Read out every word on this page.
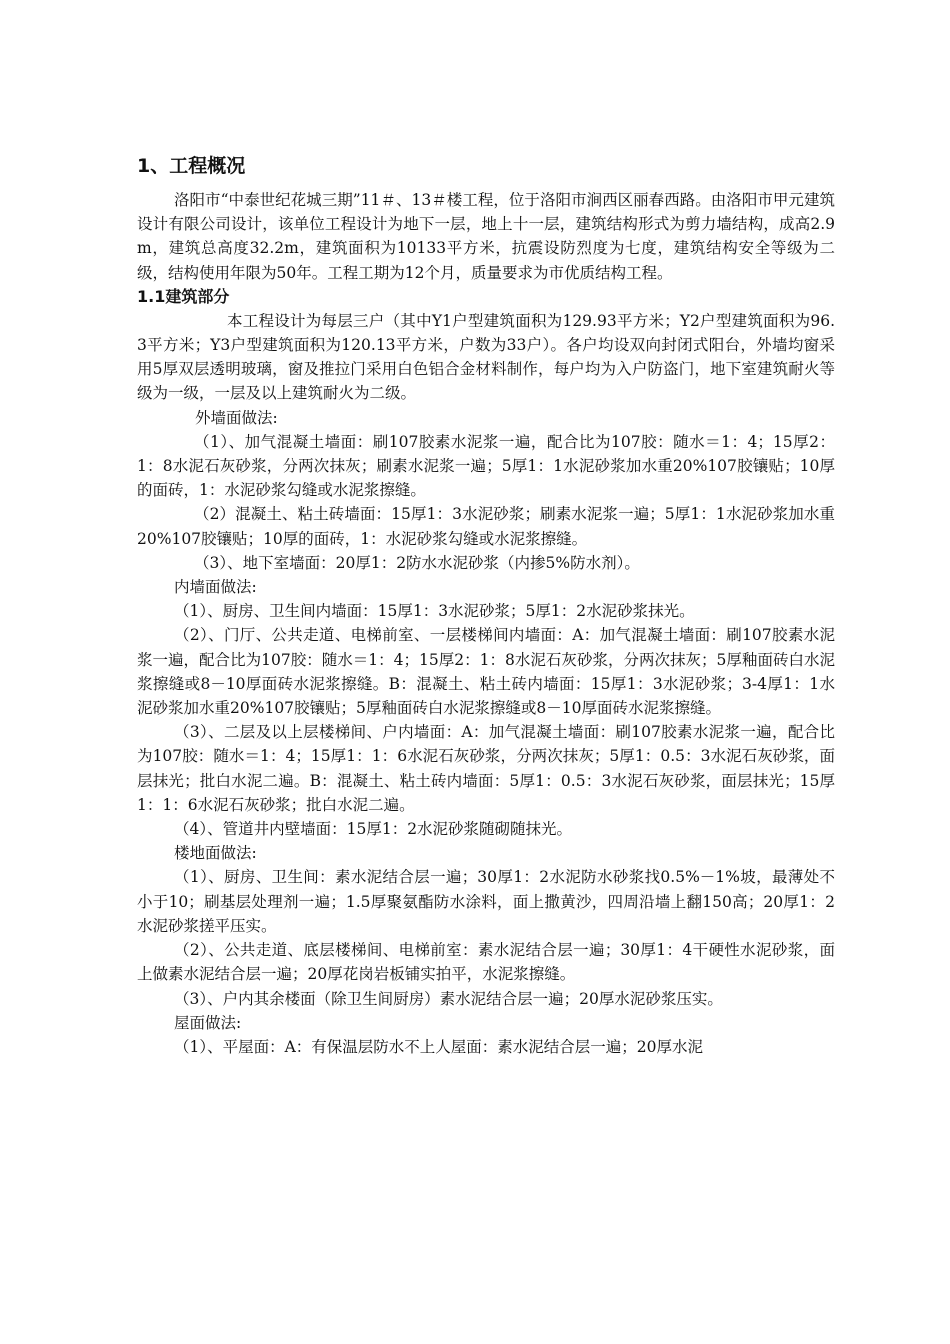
1、工程概况

洛阳市“中泰世纪花城三期”11＃、13＃楼工程，位于洛阳市涧西区丽春西路。由洛阳市甲元建筑设计有限公司设计，该单位工程设计为地下一层，地上十一层，建筑结构形式为剪力墙结构，成高2.9m，建筑总高度32.2m，建筑面积为10133平方米，抗震设防烈度为七度，建筑结构安全等级为二级，结构使用年限为50年。工程工期为12个月，质量要求为市优质结构工程。

1.1建筑部分

本工程设计为每层三户（其中Y1户型建筑面积为129.93平方米；Y2户型建筑面积为96.3平方米；Y3户型建筑面积为120.13平方米，户数为33户）。各户均设双向封闭式阳台，外墙均窗采用5厚双层透明玻璃，窗及推拉门采用白色铝合金材料制作，每户均为入户防盗门，地下室建筑耐火等级为一级，一层及以上建筑耐火为二级。

外墙面做法:

（1）、加气混凝土墙面：刷107胶素水泥浆一遍，配合比为107胶：随水＝1：4；15厚2：1：8水泥石灰砂浆，分两次抹灰；刷素水泥浆一遍；5厚1：1水泥砂浆加水重20%107胶镶贴；10厚的面砖，1：水泥砂浆勾缝或水泥浆擦缝。

（2）混凝土、粘土砖墙面：15厚1：3水泥砂浆；刷素水泥浆一遍；5厚1：1水泥砂浆加水重20%107胶镶贴；10厚的面砖，1：水泥砂浆勾缝或水泥浆擦缝。

（3）、地下室墙面：20厚1：2防水水泥砂浆（内掺5%防水剂）。

内墙面做法:

（1）、厨房、卫生间内墙面：15厚1：3水泥砂浆；5厚1：2水泥砂浆抹光。

（2）、门厅、公共走道、电梯前室、一层楼梯间内墙面：A：加气混凝土墙面：刷107胶素水泥浆一遍，配合比为107胶：随水＝1：4；15厚2：1：8水泥石灰砂浆，分两次抹灰；5厚釉面砖白水泥浆擦缝或8－10厚面砖水泥浆擦缝。B：混凝土、粘土砖内墙面：15厚1：3水泥砂浆；3-4厚1：1水泥砂浆加水重20%107胶镶贴；5厚釉面砖白水泥浆擦缝或8－10厚面砖水泥浆擦缝。

（3）、二层及以上层楼梯间、户内墙面：A：加气混凝土墙面：刷107胶素水泥浆一遍，配合比为107胶：随水＝1：4；15厚1：1：6水泥石灰砂浆，分两次抹灰；5厚1：0.5：3水泥石灰砂浆，面层抹光；批白水泥二遍。B：混凝土、粘土砖内墙面：5厚1：0.5：3水泥石灰砂浆，面层抹光；15厚1：1：6水泥石灰砂浆；批白水泥二遍。

（4）、管道井内壁墙面：15厚1：2水泥砂浆随砌随抹光。

楼地面做法:

（1）、厨房、卫生间：素水泥结合层一遍；30厚1：2水泥防水砂浆找0.5%－1%坡，最薄处不小于10；刷基层处理剂一遍；1.5厚聚氨酯防水涂料，面上撒黄沙，四周沿墙上翻150高；20厚1：2水泥砂浆搓平压实。

（2）、公共走道、底层楼梯间、电梯前室：素水泥结合层一遍；30厚1：4干硬性水泥砂浆，面上做素水泥结合层一遍；20厚花岗岩板铺实拍平，水泥浆擦缝。

（3）、户内其余楼面（除卫生间厨房）素水泥结合层一遍；20厚水泥砂浆压实。

屋面做法:

（1）、平屋面：A：有保温层防水不上人屋面：素水泥结合层一遍；20厚水泥
